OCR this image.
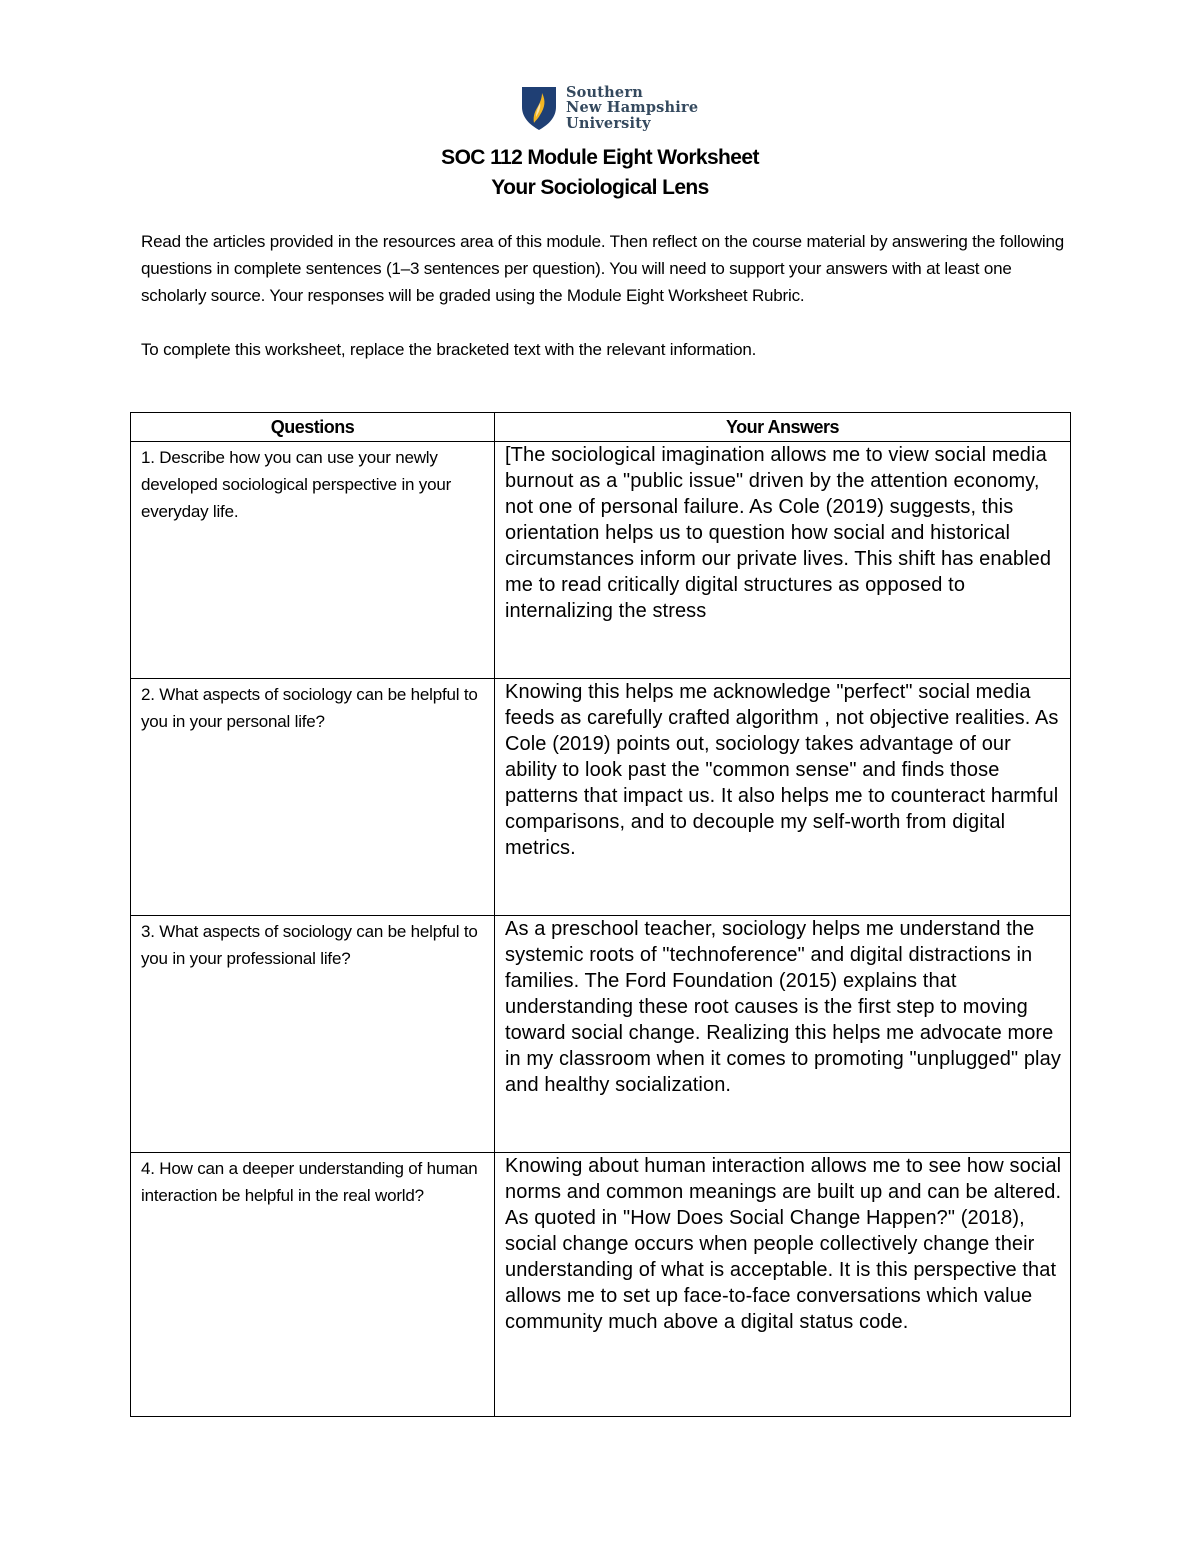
Southern
New Hampshire
University
SOC 112 Module Eight Worksheet
Your Sociological Lens

Read the articles provided in the resources area of this module. Then reflect on the course material by answering the following questions in complete sentences (1–3 sentences per question). You will need to support your answers with at least one scholarly source. Your responses will be graded using the Module Eight Worksheet Rubric.

To complete this worksheet, replace the bracketed text with the relevant information.

Questions	Your Answers
1. Describe how you can use your newly developed sociological perspective in your everyday life.	[The sociological imagination allows me to view social media burnout as a "public issue" driven by the attention economy, not one of personal failure. As Cole (2019) suggests, this orientation helps us to question how social and historical circumstances inform our private lives. This shift has enabled me to read critically digital structures as opposed to internalizing the stress
2. What aspects of sociology can be helpful to you in your personal life?	Knowing this helps me acknowledge "perfect" social media feeds as carefully crafted algorithm , not objective realities. As Cole (2019) points out, sociology takes advantage of our ability to look past the "common sense" and finds those patterns that impact us. It also helps me to counteract harmful comparisons, and to decouple my self-worth from digital metrics.
3. What aspects of sociology can be helpful to you in your professional life?	As a preschool teacher, sociology helps me understand the systemic roots of "technoference" and digital distractions in families. The Ford Foundation (2015) explains that understanding these root causes is the first step to moving toward social change. Realizing this helps me advocate more in my classroom when it comes to promoting "unplugged" play and healthy socialization.
4. How can a deeper understanding of human interaction be helpful in the real world?	Knowing about human interaction allows me to see how social norms and common meanings are built up and can be altered. As quoted in "How Does Social Change Happen?" (2018), social change occurs when people collectively change their understanding of what is acceptable. It is this perspective that allows me to set up face-to-face conversations which value community much above a digital status code.
